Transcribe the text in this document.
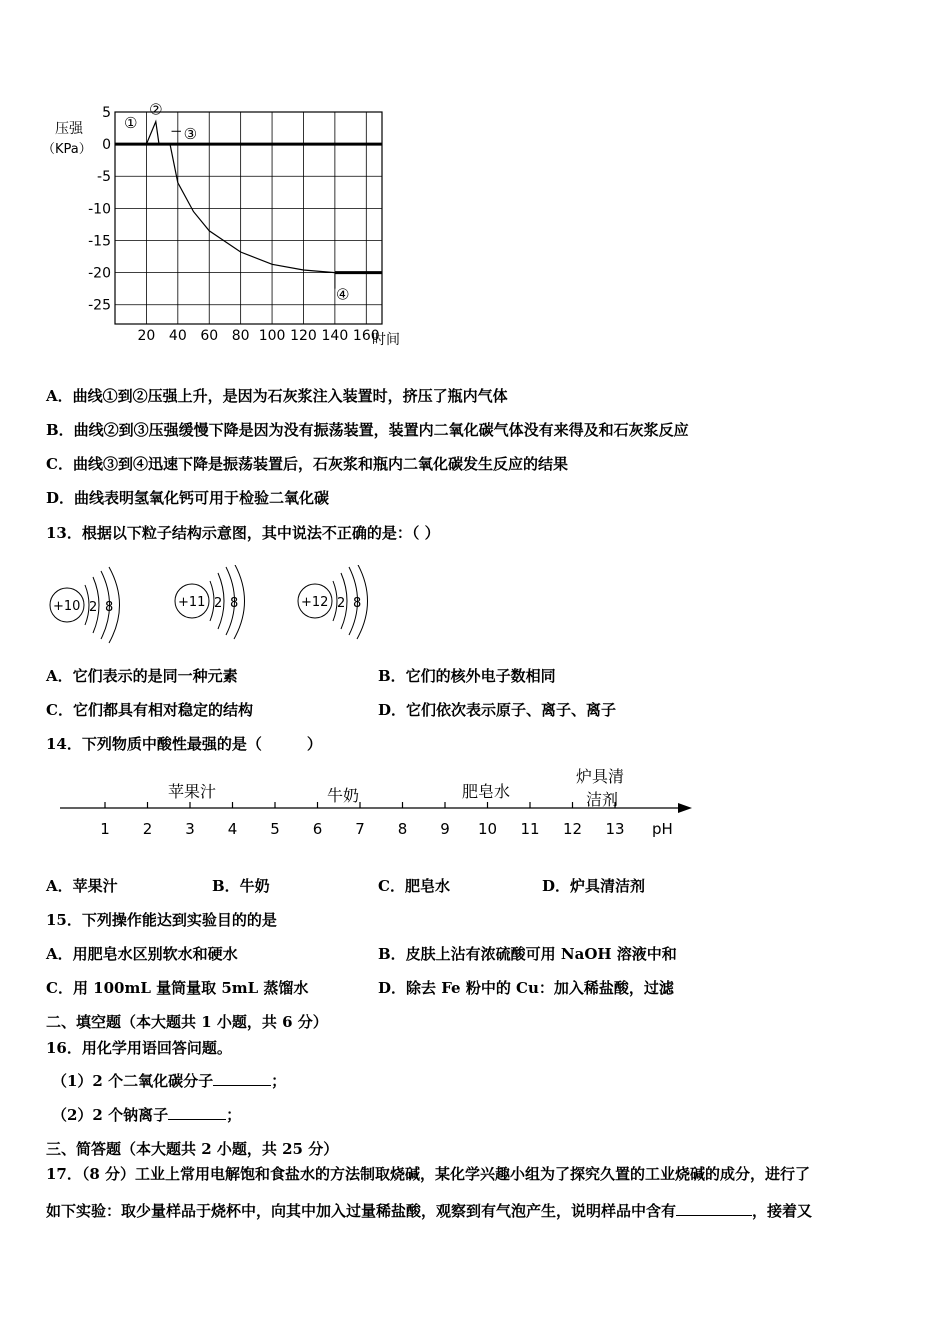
5
0
-5
-10
-15
-20
-25
20 40 60 80 100 120 140 160
①
②
③
④
压强
（KPa）
时间
A．曲线①到②压强上升，是因为石灰浆注入装置时，挤压了瓶内气体
B．曲线②到③压强缓慢下降是因为没有振荡装置，装置内二氧化碳气体没有来得及和石灰浆反应
C．曲线③到④迅速下降是振荡装置后，石灰浆和瓶内二氧化碳发生反应的结果
D．曲线表明氢氧化钙可用于检验二氧化碳
13．根据以下粒子结构示意图，其中说法不正确的是：（ ）
+10 2 8	+11 2 8	+12 2 8
A．它们表示的是同一种元素	B．它们的核外电子数相同
C．它们都具有相对稳定的结构	D．它们依次表示原子、离子、离子
14．下列物质中酸性最强的是（　　　）
1 2 3 4 5 6 7 8 9 10 11 12 13 pH
苹果汁	牛奶	肥皂水
炉具清
洁剂
A．苹果汁	B．牛奶	C．肥皂水	D．炉具清洁剂
15．下列操作能达到实验目的的是
A．用肥皂水区别软水和硬水	B．皮肤上沾有浓硫酸可用 NaOH 溶液中和
C．用 100mL 量筒量取 5mL 蒸馏水	D．除去 Fe 粉中的 Cu：加入稀盐酸，过滤
二、填空题（本大题共 1 小题，共 6 分）
16．用化学用语回答问题。
（1）2 个二氧化碳分子	；
（2）2 个钠离子	；
三、简答题（本大题共 2 小题，共 25 分）
17．（8 分）工业上常用电解饱和食盐水的方法制取烧碱，某化学兴趣小组为了探究久置的工业烧碱的成分，进行了
如下实验：取少量样品于烧杯中，向其中加入过量稀盐酸，观察到有气泡产生，说明样品中含有	，接着又
